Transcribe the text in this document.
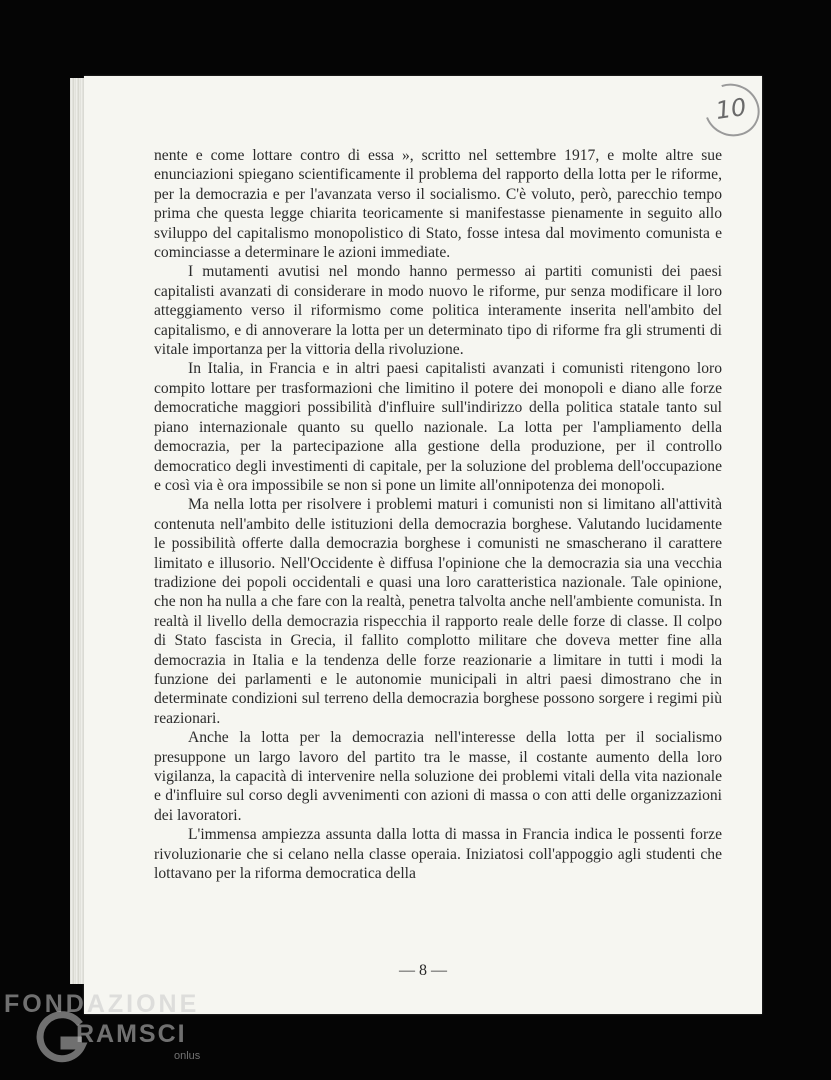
10

nente e come lottare contro di essa », scritto nel settembre 1917, e molte altre sue enunciazioni spiegano scientificamente il problema del rapporto della lotta per le riforme, per la democrazia e per l'avanzata verso il socialismo. C'è voluto, però, parecchio tempo prima che questa legge chiarita teoricamente si manifestasse pienamente in seguito allo sviluppo del capitalismo monopolistico di Stato, fosse intesa dal movimento comunista e cominciasse a determinare le azioni immediate.

I mutamenti avutisi nel mondo hanno permesso ai partiti comunisti dei paesi capitalisti avanzati di considerare in modo nuovo le riforme, pur senza modificare il loro atteggiamento verso il riformismo come politica interamente inserita nell'ambito del capitalismo, e di annoverare la lotta per un determinato tipo di riforme fra gli strumenti di vitale importanza per la vittoria della rivoluzione.

In Italia, in Francia e in altri paesi capitalisti avanzati i comunisti ritengono loro compito lottare per trasformazioni che limitino il potere dei monopoli e diano alle forze democratiche maggiori possibilità d'influire sull'indirizzo della politica statale tanto sul piano internazionale quanto su quello nazionale. La lotta per l'ampliamento della democrazia, per la partecipazione alla gestione della produzione, per il controllo democratico degli investimenti di capitale, per la soluzione del problema dell'occupazione e così via è ora impossibile se non si pone un limite all'onnipotenza dei monopoli.

Ma nella lotta per risolvere i problemi maturi i comunisti non si limitano all'attività contenuta nell'ambito delle istituzioni della democrazia borghese. Valutando lucidamente le possibilità offerte dalla democrazia borghese i comunisti ne smascherano il carattere limitato e illusorio. Nell'Occidente è diffusa l'opinione che la democrazia sia una vecchia tradizione dei popoli occidentali e quasi una loro caratteristica nazionale. Tale opinione, che non ha nulla a che fare con la realtà, penetra talvolta anche nell'ambiente comunista. In realtà il livello della democrazia rispecchia il rapporto reale delle forze di classe. Il colpo di Stato fascista in Grecia, il fallito complotto militare che doveva metter fine alla democrazia in Italia e la tendenza delle forze reazionarie a limitare in tutti i modi la funzione dei parlamenti e le autonomie municipali in altri paesi dimostrano che in determinate condizioni sul terreno della democrazia borghese possono sorgere i regimi più reazionari.

Anche la lotta per la democrazia nell'interesse della lotta per il socialismo presuppone un largo lavoro del partito tra le masse, il costante aumento della loro vigilanza, la capacità di intervenire nella soluzione dei problemi vitali della vita nazionale e d'influire sul corso degli avvenimenti con azioni di massa o con atti delle organizzazioni dei lavoratori.

L'immensa ampiezza assunta dalla lotta di massa in Francia indica le possenti forze rivoluzionarie che si celano nella classe operaia. Iniziatosi coll'appoggio agli studenti che lottavano per la riforma democratica della

— 8 —
FONDAZIONE
RAMSCI
onlus
